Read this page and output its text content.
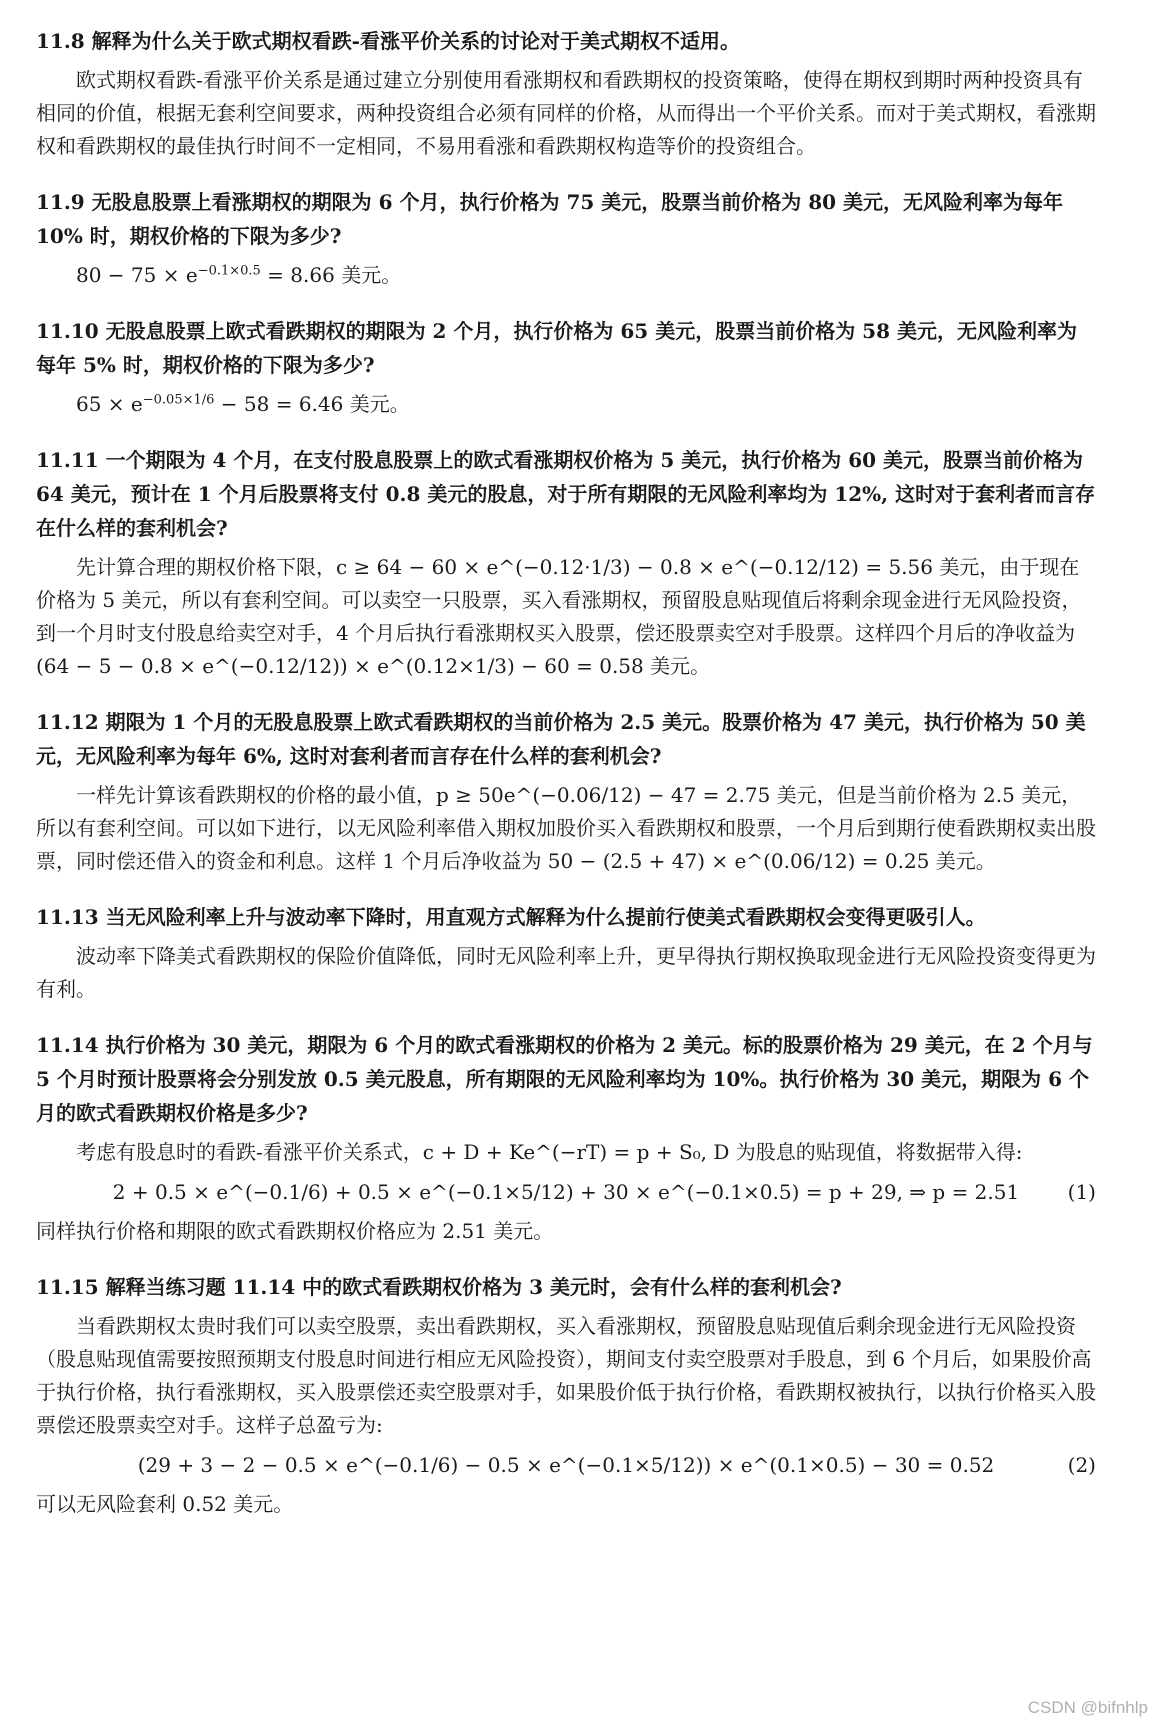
11.8 解释为什么关于欧式期权看跌-看涨平价关系的讨论对于美式期权不适用。

欧式期权看跌-看涨平价关系是通过建立分别使用看涨期权和看跌期权的投资策略，使得在期权到期时两种投资具有相同的价值，根据无套利空间要求，两种投资组合必须有同样的价格，从而得出一个平价关系。而对于美式期权，看涨期权和看跌期权的最佳执行时间不一定相同，不易用看涨和看跌期权构造等价的投资组合。

11.9 无股息股票上看涨期权的期限为 6 个月，执行价格为 75 美元，股票当前价格为 80 美元，无风险利率为每年 10% 时，期权价格的下限为多少?

$80 - 75 \times e^{-0.1\times 0.5} = 8.66$ 美元。

11.10 无股息股票上欧式看跌期权的期限为 2 个月，执行价格为 65 美元，股票当前价格为 58 美元，无风险利率为每年 5% 时，期权价格的下限为多少?

$65 \times e^{-0.05\times 1/6} - 58 = 6.46$ 美元。

11.11 一个期限为 4 个月，在支付股息股票上的欧式看涨期权价格为 5 美元，执行价格为 60 美元，股票当前价格为 64 美元，预计在 1 个月后股票将支付 0.8 美元的股息，对于所有期限的无风险利率均为 12%, 这时对于套利者而言存在什么样的套利机会?

先计算合理的期权价格下限，c ≥ 64 − 60 × e^(−0.12·1/3) − 0.8 × e^(−0.12/12) = 5.56 美元，由于现在价格为 5 美元，所以有套利空间。可以卖空一只股票，买入看涨期权，预留股息贴现值后将剩余现金进行无风险投资，到一个月时支付股息给卖空对手，4 个月后执行看涨期权买入股票，偿还股票卖空对手股票。这样四个月后的净收益为 (64 − 5 − 0.8 × e^(−0.12/12)) × e^(0.12×1/3) − 60 = 0.58 美元。

11.12 期限为 1 个月的无股息股票上欧式看跌期权的当前价格为 2.5 美元。股票价格为 47 美元，执行价格为 50 美元，无风险利率为每年 6%, 这时对套利者而言存在什么样的套利机会?

一样先计算该看跌期权的价格的最小值，p ≥ 50e^(−0.06/12) − 47 = 2.75 美元，但是当前价格为 2.5 美元，所以有套利空间。可以如下进行，以无风险利率借入期权加股价买入看跌期权和股票，一个月后到期行使看跌期权卖出股票，同时偿还借入的资金和利息。这样 1 个月后净收益为 50 − (2.5 + 47) × e^(0.06/12) = 0.25 美元。

11.13 当无风险利率上升与波动率下降时，用直观方式解释为什么提前行使美式看跌期权会变得更吸引人。

波动率下降美式看跌期权的保险价值降低，同时无风险利率上升，更早得执行期权换取现金进行无风险投资变得更为有利。

11.14 执行价格为 30 美元，期限为 6 个月的欧式看涨期权的价格为 2 美元。标的股票价格为 29 美元，在 2 个月与 5 个月时预计股票将会分别发放 0.5 美元股息，所有期限的无风险利率均为 10%。执行价格为 30 美元，期限为 6 个月的欧式看跌期权价格是多少?

考虑有股息时的看跌-看涨平价关系式，c + D + Ke^(−rT) = p + S₀, D 为股息的贴现值，将数据带入得:

2 + 0.5 × e^(−0.1/6) + 0.5 × e^(−0.1×5/12) + 30 × e^(−0.1×0.5) = p + 29, ⇒ p = 2.51 (1)

同样执行价格和期限的欧式看跌期权价格应为 2.51 美元。

11.15 解释当练习题 11.14 中的欧式看跌期权价格为 3 美元时，会有什么样的套利机会?

当看跌期权太贵时我们可以卖空股票，卖出看跌期权，买入看涨期权，预留股息贴现值后剩余现金进行无风险投资（股息贴现值需要按照预期支付股息时间进行相应无风险投资），期间支付卖空股票对手股息，到 6 个月后，如果股价高于执行价格，执行看涨期权，买入股票偿还卖空股票对手，如果股价低于执行价格，看跌期权被执行，以执行价格买入股票偿还股票卖空对手。这样子总盈亏为:

(29 + 3 − 2 − 0.5 × e^(−0.1/6) − 0.5 × e^(−0.1×5/12)) × e^(0.1×0.5) − 30 = 0.52	(2)

可以无风险套利 0.52 美元。

CSDN @bifnhlp
